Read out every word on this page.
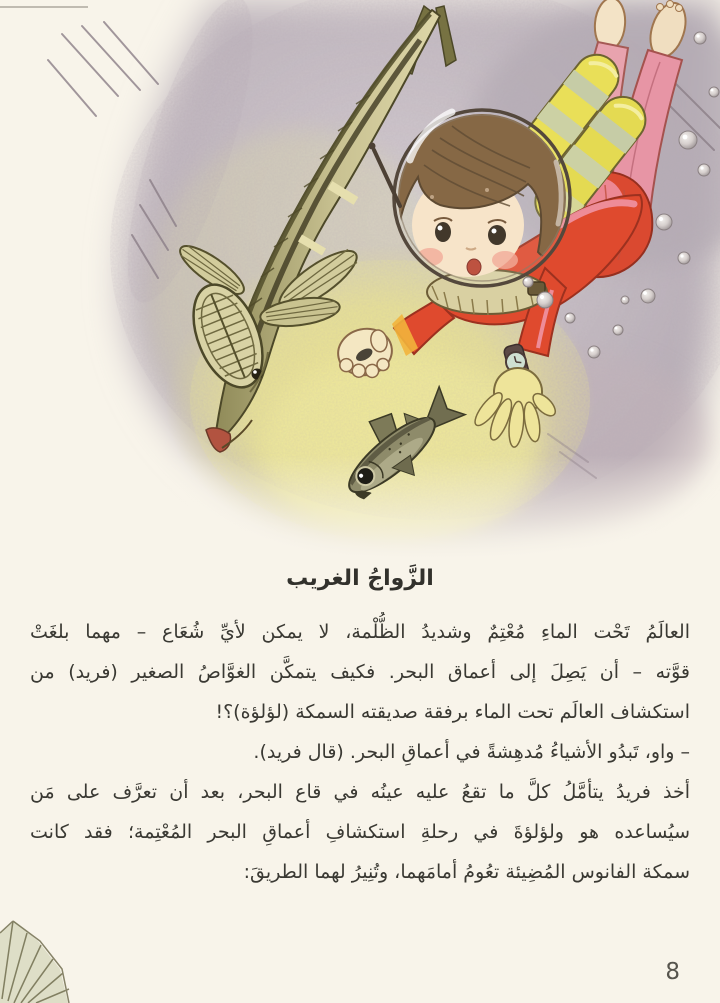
الزَّواجُ الغريب
العالَمُ تَحْت الماءِ مُعْتِمٌ وشديدُ الظُّلْمة، لا يمكن لأيِّ شُعَاع – مهما بلغَتْ
قوَّته – أن يَصِلَ إلى أعماق البحر. فكيف يتمكَّن الغوَّاصُ الصغير (فريد) من
استكشاف العالَم تحت الماء برفقة صديقته السمكة (لؤلؤة)؟!
– واو، تَبدُو الأشياءُ مُدهِشةً في أعماقِ البحر. (قال فريد).
أخذ فريدُ يتأمَّلُ كلَّ ما تقعُ عليه عينُه في قاع البحر، بعد أن تعرَّف على مَن
سيُساعده هو ولؤلؤةَ في رحلةِ استكشافِ أعماقِ البحر المُعْتِمة؛ فقد كانت
سمكة الفانوس المُضِيئة تعُومُ أمامَهما، وتُنِيرُ لهما الطريقَ:
8
